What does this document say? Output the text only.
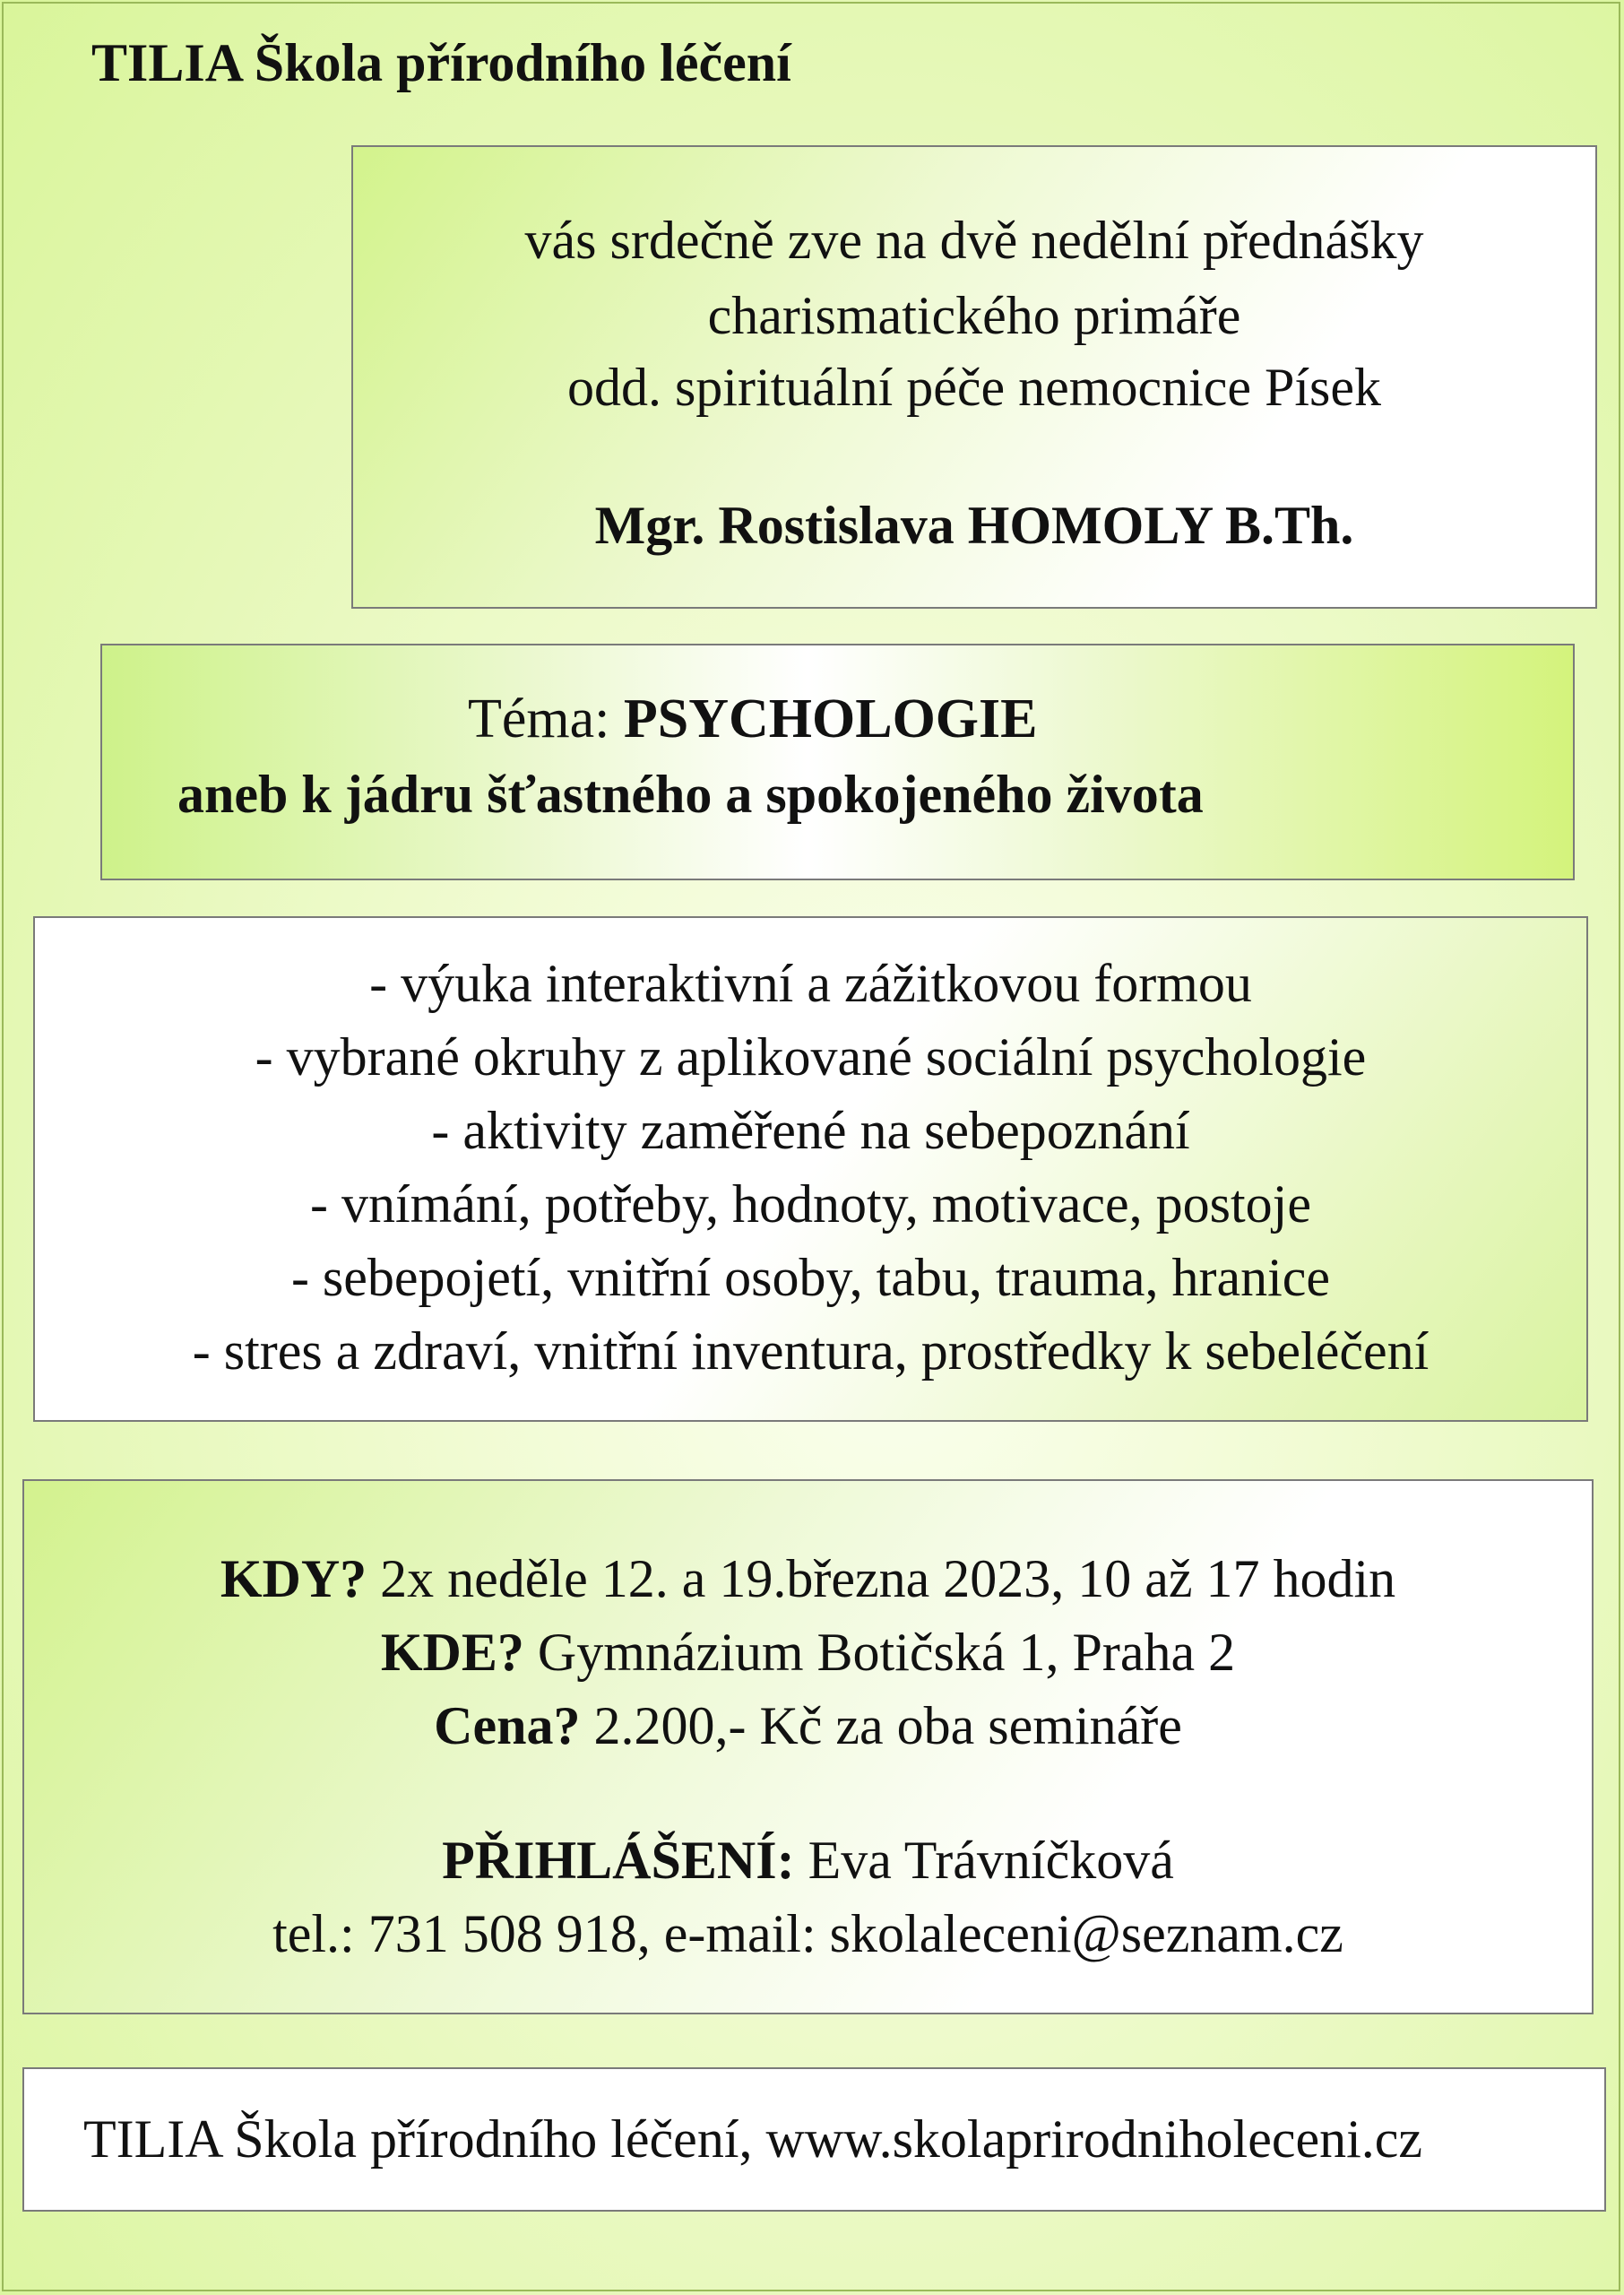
TILIA Škola přírodního léčení
vás srdečně zve na dvě nedělní přednášky
charismatického primáře
odd. spirituální péče nemocnice Písek
Mgr. Rostislava HOMOLY B.Th.
Téma: PSYCHOLOGIE
aneb k jádru šťastného a spokojeného života
- výuka interaktivní a zážitkovou formou
- vybrané okruhy z aplikované sociální psychologie
- aktivity zaměřené na sebepoznání
- vnímání, potřeby, hodnoty, motivace, postoje
- sebepojetí, vnitřní osoby, tabu, trauma, hranice
- stres a zdraví, vnitřní inventura, prostředky k sebeléčení
KDY? 2x neděle 12. a 19.března 2023, 10 až 17 hodin
KDE? Gymnázium Botičská 1, Praha 2
Cena? 2.200,- Kč za oba semináře
PŘIHLÁŠENÍ: Eva Trávníčková
tel.: 731 508 918, e-mail: skolaleceni@seznam.cz
TILIA Škola přírodního léčení, www.skolaprirodniholeceni.cz
